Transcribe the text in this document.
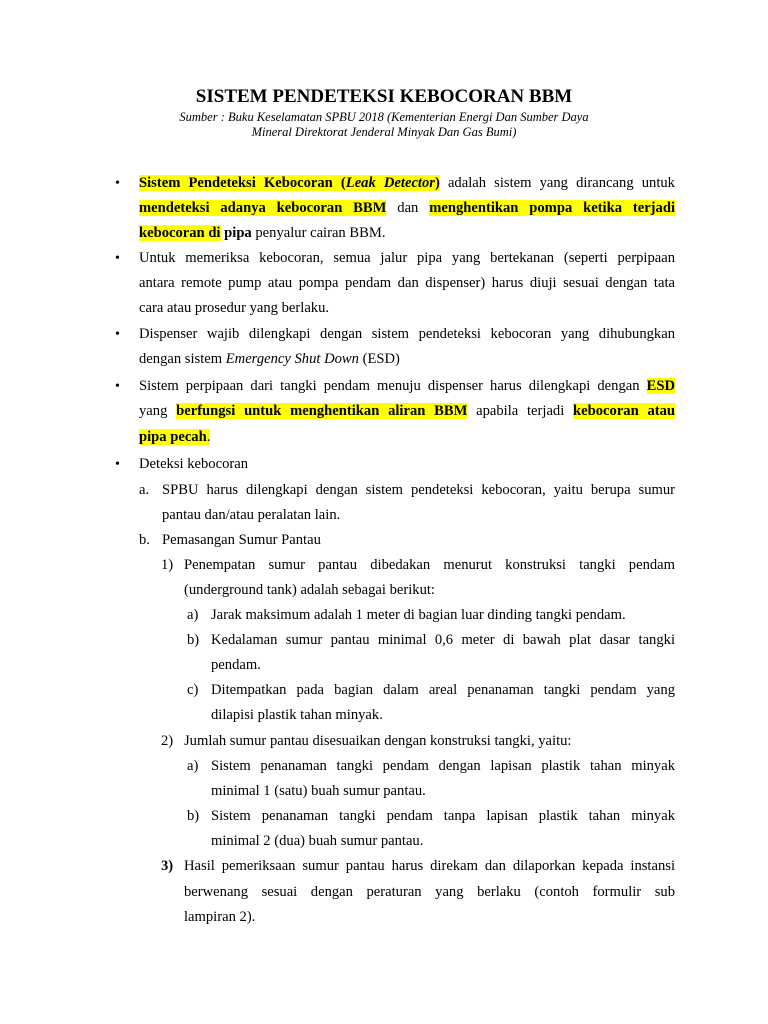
SISTEM PENDETEKSI KEBOCORAN BBM
Sumber : Buku Keselamatan SPBU 2018 (Kementerian Energi Dan Sumber Daya
Mineral Direktorat Jenderal Minyak Dan Gas Bumi)
• Sistem Pendeteksi Kebocoran (Leak Detector) adalah sistem yang dirancang untuk
mendeteksi adanya kebocoran BBM dan menghentikan pompa ketika terjadi
kebocoran di pipa penyalur cairan BBM.
• Untuk memeriksa kebocoran, semua jalur pipa yang bertekanan (seperti perpipaan
antara remote pump atau pompa pendam dan dispenser) harus diuji sesuai dengan tata
cara atau prosedur yang berlaku.
• Dispenser wajib dilengkapi dengan sistem pendeteksi kebocoran yang dihubungkan
dengan sistem Emergency Shut Down (ESD)
• Sistem perpipaan dari tangki pendam menuju dispenser harus dilengkapi dengan ESD
yang berfungsi untuk menghentikan aliran BBM apabila terjadi kebocoran atau
pipa pecah.
• Deteksi kebocoran
a. SPBU harus dilengkapi dengan sistem pendeteksi kebocoran, yaitu berupa sumur
pantau dan/atau peralatan lain.
b. Pemasangan Sumur Pantau
1) Penempatan sumur pantau dibedakan menurut konstruksi tangki pendam
(underground tank) adalah sebagai berikut:
a) Jarak maksimum adalah 1 meter di bagian luar dinding tangki pendam.
b) Kedalaman sumur pantau minimal 0,6 meter di bawah plat dasar tangki
pendam.
c) Ditempatkan pada bagian dalam areal penanaman tangki pendam yang
dilapisi plastik tahan minyak.
2) Jumlah sumur pantau disesuaikan dengan konstruksi tangki, yaitu:
a) Sistem penanaman tangki pendam dengan lapisan plastik tahan minyak
minimal 1 (satu) buah sumur pantau.
b) Sistem penanaman tangki pendam tanpa lapisan plastik tahan minyak
minimal 2 (dua) buah sumur pantau.
3) Hasil pemeriksaan sumur pantau harus direkam dan dilaporkan kepada instansi
berwenang sesuai dengan peraturan yang berlaku (contoh formulir sub
lampiran 2).
